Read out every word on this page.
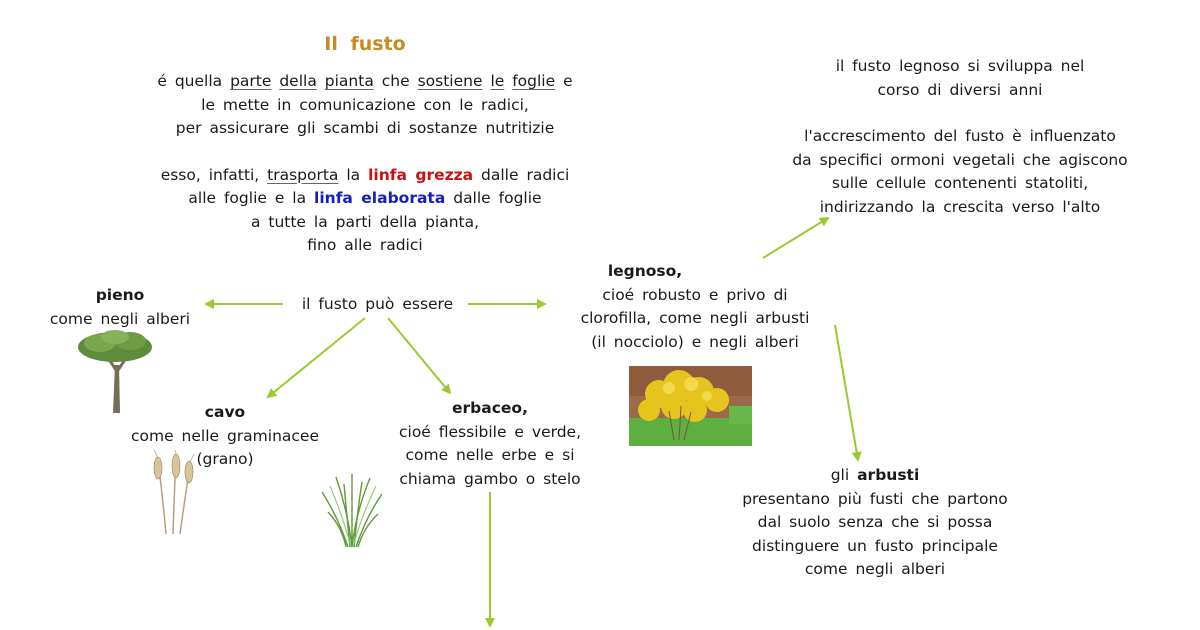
Il fusto

é quella parte della pianta che sostiene le foglie e

le mette in comunicazione con le radici,

per assicurare gli scambi di sostanze nutritizie

esso, infatti, trasporta la linfa grezza dalle radici

alle foglie e la linfa elaborata dalle foglie

a tutte la parti della pianta,

fino alle radici

il fusto può essere

pieno

come negli alberi

cavo

come nelle graminacee

(grano)

erbaceo,

cioé flessibile e verde,

come nelle erbe e si

chiama gambo o stelo

legnoso,

cioé robusto e privo di

clorofilla, come negli arbusti

(il nocciolo) e negli alberi

il fusto legnoso si sviluppa nel

corso di diversi anni

l'accrescimento del fusto è influenzato

da specifici ormoni vegetali che agiscono

sulle cellule contenenti statoliti,

indirizzando la crescita verso l'alto

gli arbusti

presentano più fusti che partono

dal suolo senza che si possa

distinguere un fusto principale

come negli alberi
